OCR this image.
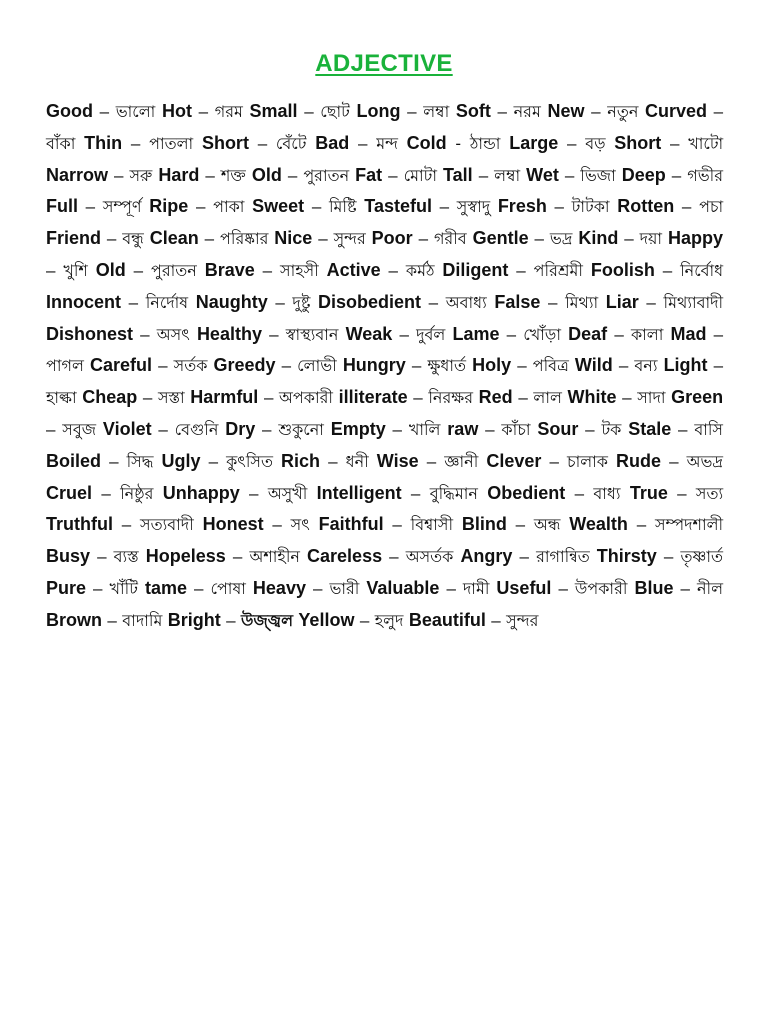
ADJECTIVE
Good – ভালো Hot – গরম Small – ছোট Long – লম্বা Soft – নরম New – নতুন Curved – বাঁকা Thin – পাতলা Short – বেঁটে Bad – মন্দ Cold - ঠান্ডা Large – বড় Short – খাটো Narrow – সরু Hard – শক্ত Old – পুরাতন Fat – মোটা Tall – লম্বা Wet – ভিজা Deep – গভীর Full – সম্পূর্ণ Ripe – পাকা Sweet – মিষ্টি Tasteful – সুস্বাদু Fresh – টাটকা Rotten – পচা Friend – বন্ধু Clean – পরিষ্কার Nice – সুন্দর Poor – গরীব Gentle – ভদ্র Kind – দয়া Happy – খুশি Old – পুরাতন Brave – সাহসী Active – কর্মঠ Diligent – পরিশ্রমী Foolish – নির্বোধ Innocent – নির্দোষ Naughty – দুষ্টু Disobedient – অবাধ্য False – মিথ্যা Liar – মিথ্যাবাদী Dishonest – অসৎ Healthy – স্বাস্থ্যবান Weak – দুর্বল Lame – খোঁড়া Deaf – কালা Mad – পাগল Careful – সর্তক Greedy – লোভী Hungry – ক্ষুধার্ত Holy – পবিত্র Wild – বন্য Light – হাল্কা Cheap – সস্তা Harmful – অপকারী illiterate – নিরক্ষর Red – লাল White – সাদা Green – সবুজ Violet – বেগুনি Dry – শুকুনো Empty – খালি raw – কাঁচা Sour – টক Stale – বাসি Boiled – সিদ্ধ Ugly – কুৎসিত Rich – ধনী Wise – জ্ঞানী Clever – চালাক Rude – অভদ্র Cruel – নিষ্ঠুর Unhappy – অসুখী Intelligent – বুদ্ধিমান Obedient – বাধ্য True – সত্য Truthful – সত্যবাদী Honest – সৎ Faithful – বিশ্বাসী Blind – অন্ধ Wealth – সম্পদশালী Busy – ব্যস্ত Hopeless – অশাহীন Careless – অসর্তক Angry – রাগান্বিত Thirsty – তৃষ্ণার্ত Pure – খাঁটি tame – পোষা Heavy – ভারী Valuable – দামী Useful – উপকারী Blue – নীল Brown – বাদামি Bright – উজ্জ্বল Yellow – হলুদ Beautiful – সুন্দর
